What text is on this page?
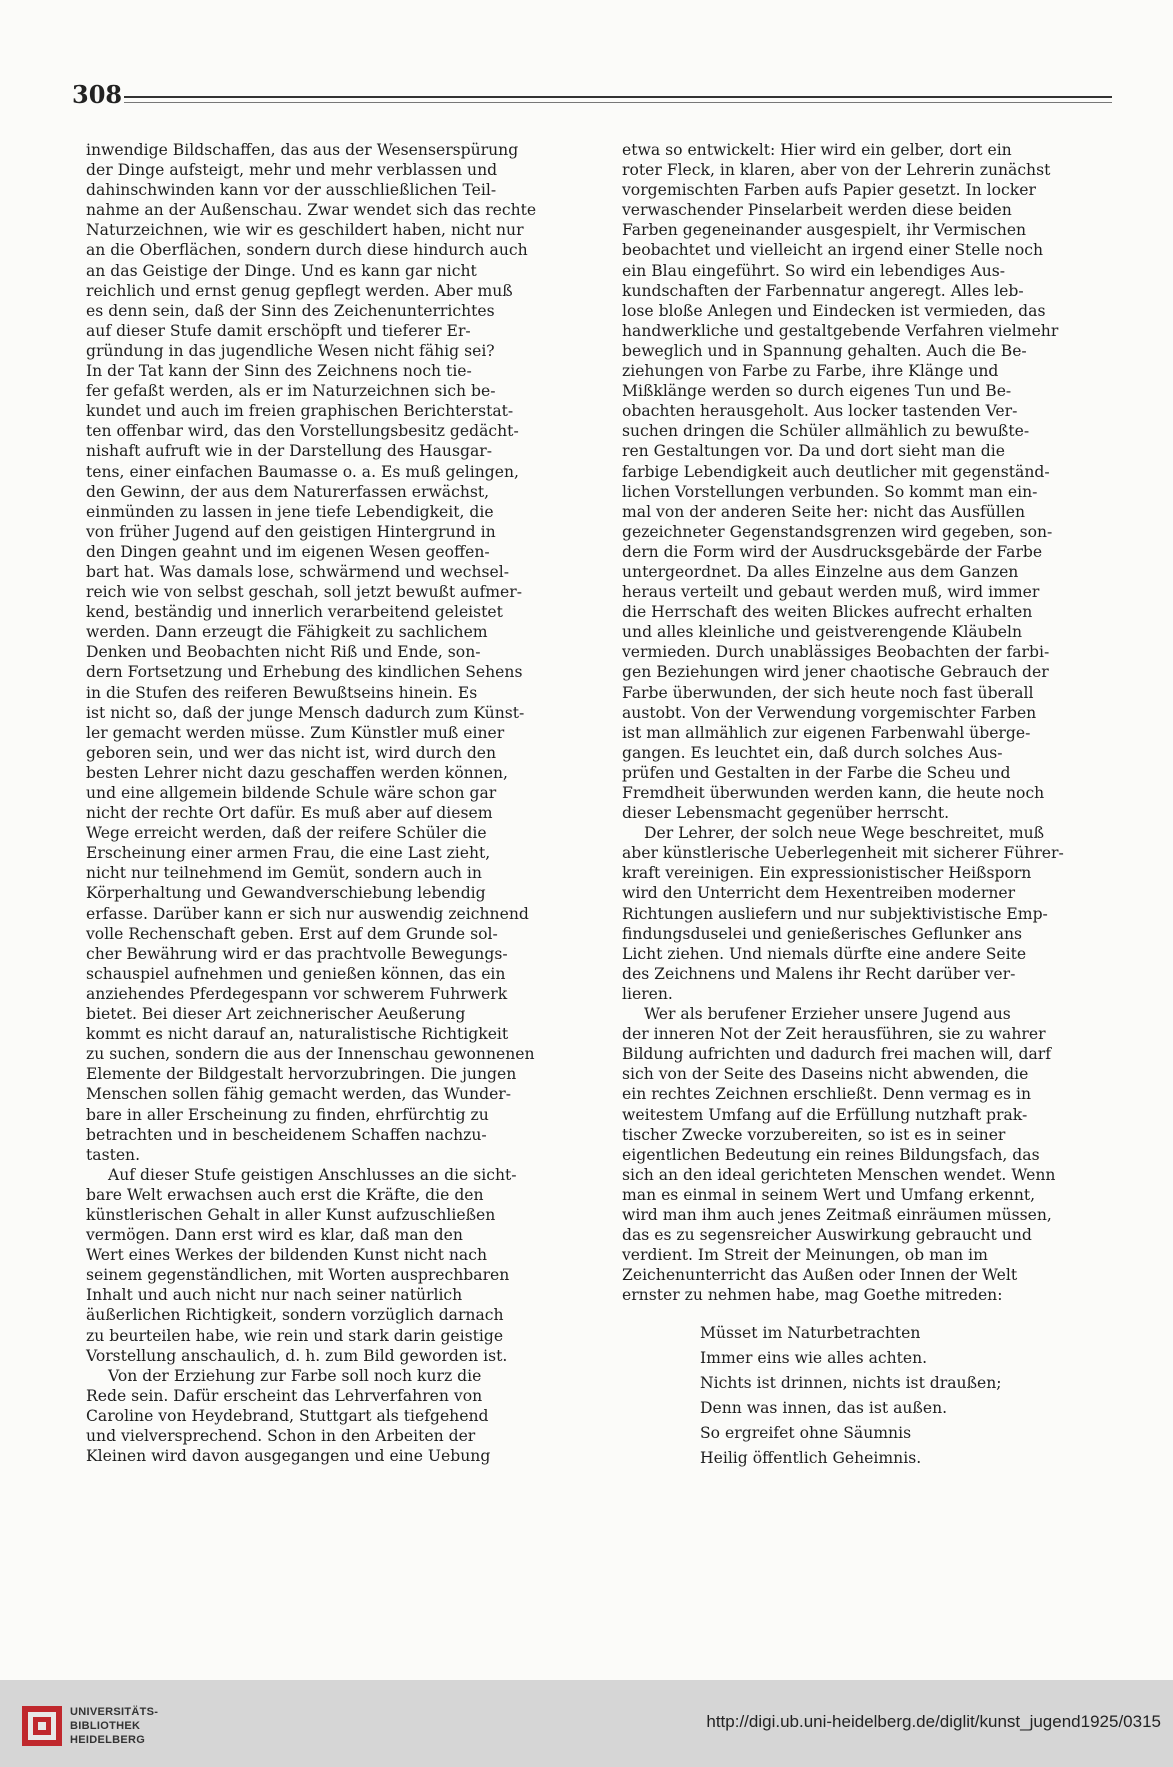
308

inwendige Bildschaffen, das aus der Wesenserspürung
der Dinge aufsteigt, mehr und mehr verblassen und
dahinschwinden kann vor der ausschließlichen Teil-
nahme an der Außenschau. Zwar wendet sich das rechte
Naturzeichnen, wie wir es geschildert haben, nicht nur
an die Oberflächen, sondern durch diese hindurch auch
an das Geistige der Dinge. Und es kann gar nicht
reichlich und ernst genug gepflegt werden. Aber muß
es denn sein, daß der Sinn des Zeichenunterrichtes
auf dieser Stufe damit erschöpft und tieferer Er-
gründung in das jugendliche Wesen nicht fähig sei?
In der Tat kann der Sinn des Zeichnens noch tie-
fer gefaßt werden, als er im Naturzeichnen sich be-
kundet und auch im freien graphischen Berichterstat-
ten offenbar wird, das den Vorstellungsbesitz gedächt-
nishaft aufruft wie in der Darstellung des Hausgar-
tens, einer einfachen Baumasse o. a. Es muß gelingen,
den Gewinn, der aus dem Naturerfassen erwächst,
einmünden zu lassen in jene tiefe Lebendigkeit, die
von früher Jugend auf den geistigen Hintergrund in
den Dingen geahnt und im eigenen Wesen geoffen-
bart hat. Was damals lose, schwärmend und wechsel-
reich wie von selbst geschah, soll jetzt bewußt aufmer-
kend, beständig und innerlich verarbeitend geleistet
werden. Dann erzeugt die Fähigkeit zu sachlichem
Denken und Beobachten nicht Riß und Ende, son-
dern Fortsetzung und Erhebung des kindlichen Sehens
in die Stufen des reiferen Bewußtseins hinein. Es
ist nicht so, daß der junge Mensch dadurch zum Künst-
ler gemacht werden müsse. Zum Künstler muß einer
geboren sein, und wer das nicht ist, wird durch den
besten Lehrer nicht dazu geschaffen werden können,
und eine allgemein bildende Schule wäre schon gar
nicht der rechte Ort dafür. Es muß aber auf diesem
Wege erreicht werden, daß der reifere Schüler die
Erscheinung einer armen Frau, die eine Last zieht,
nicht nur teilnehmend im Gemüt, sondern auch in
Körperhaltung und Gewandverschiebung lebendig
erfasse. Darüber kann er sich nur auswendig zeichnend
volle Rechenschaft geben. Erst auf dem Grunde sol-
cher Bewährung wird er das prachtvolle Bewegungs-
schauspiel aufnehmen und genießen können, das ein
anziehendes Pferdegespann vor schwerem Fuhrwerk
bietet. Bei dieser Art zeichnerischer Aeußerung
kommt es nicht darauf an, naturalistische Richtigkeit
zu suchen, sondern die aus der Innenschau gewonnenen
Elemente der Bildgestalt hervorzubringen. Die jungen
Menschen sollen fähig gemacht werden, das Wunder-
bare in aller Erscheinung zu finden, ehrfürchtig zu
betrachten und in bescheidenem Schaffen nachzu-
tasten.

Auf dieser Stufe geistigen Anschlusses an die sicht-
bare Welt erwachsen auch erst die Kräfte, die den
künstlerischen Gehalt in aller Kunst aufzuschließen
vermögen. Dann erst wird es klar, daß man den
Wert eines Werkes der bildenden Kunst nicht nach
seinem gegenständlichen, mit Worten ausprechbaren
Inhalt und auch nicht nur nach seiner natürlich
äußerlichen Richtigkeit, sondern vorzüglich darnach
zu beurteilen habe, wie rein und stark darin geistige
Vorstellung anschaulich, d. h. zum Bild geworden ist.

Von der Erziehung zur Farbe soll noch kurz die
Rede sein. Dafür erscheint das Lehrverfahren von
Caroline von Heydebrand, Stuttgart als tiefgehend
und vielversprechend. Schon in den Arbeiten der
Kleinen wird davon ausgegangen und eine Uebung

etwa so entwickelt: Hier wird ein gelber, dort ein
roter Fleck, in klaren, aber von der Lehrerin zunächst
vorgemischten Farben aufs Papier gesetzt. In locker
verwaschender Pinselarbeit werden diese beiden
Farben gegeneinander ausgespielt, ihr Vermischen
beobachtet und vielleicht an irgend einer Stelle noch
ein Blau eingeführt. So wird ein lebendiges Aus-
kundschaften der Farbennatur angeregt. Alles leb-
lose bloße Anlegen und Eindecken ist vermieden, das
handwerkliche und gestaltgebende Verfahren vielmehr
beweglich und in Spannung gehalten. Auch die Be-
ziehungen von Farbe zu Farbe, ihre Klänge und
Mißklänge werden so durch eigenes Tun und Be-
obachten herausgeholt. Aus locker tastenden Ver-
suchen dringen die Schüler allmählich zu bewußte-
ren Gestaltungen vor. Da und dort sieht man die
farbige Lebendigkeit auch deutlicher mit gegenständ-
lichen Vorstellungen verbunden. So kommt man ein-
mal von der anderen Seite her: nicht das Ausfüllen
gezeichneter Gegenstandsgrenzen wird gegeben, son-
dern die Form wird der Ausdrucksgebärde der Farbe
untergeordnet. Da alles Einzelne aus dem Ganzen
heraus verteilt und gebaut werden muß, wird immer
die Herrschaft des weiten Blickes aufrecht erhalten
und alles kleinliche und geistverengende Kläubeln
vermieden. Durch unablässiges Beobachten der farbi-
gen Beziehungen wird jener chaotische Gebrauch der
Farbe überwunden, der sich heute noch fast überall
austobt. Von der Verwendung vorgemischter Farben
ist man allmählich zur eigenen Farbenwahl überge-
gangen. Es leuchtet ein, daß durch solches Aus-
prüfen und Gestalten in der Farbe die Scheu und
Fremdheit überwunden werden kann, die heute noch
dieser Lebensmacht gegenüber herrscht.

Der Lehrer, der solch neue Wege beschreitet, muß
aber künstlerische Ueberlegenheit mit sicherer Führer-
kraft vereinigen. Ein expressionistischer Heißsporn
wird den Unterricht dem Hexentreiben moderner
Richtungen ausliefern und nur subjektivistische Emp-
findungsduselei und genießerisches Geflunker ans
Licht ziehen. Und niemals dürfte eine andere Seite
des Zeichnens und Malens ihr Recht darüber ver-
lieren.

Wer als berufener Erzieher unsere Jugend aus
der inneren Not der Zeit herausführen, sie zu wahrer
Bildung aufrichten und dadurch frei machen will, darf
sich von der Seite des Daseins nicht abwenden, die
ein rechtes Zeichnen erschließt. Denn vermag es in
weitestem Umfang auf die Erfüllung nutzhaft prak-
tischer Zwecke vorzubereiten, so ist es in seiner
eigentlichen Bedeutung ein reines Bildungsfach, das
sich an den ideal gerichteten Menschen wendet. Wenn
man es einmal in seinem Wert und Umfang erkennt,
wird man ihm auch jenes Zeitmaß einräumen müssen,
das es zu segensreicher Auswirkung gebraucht und
verdient. Im Streit der Meinungen, ob man im
Zeichenunterricht das Außen oder Innen der Welt
ernster zu nehmen habe, mag Goethe mitreden:

Müsset im Naturbetrachten
Immer eins wie alles achten.
Nichts ist drinnen, nichts ist draußen;
Denn was innen, das ist außen.
So ergreifet ohne Säumnis
Heilig öffentlich Geheimnis.
UNIVERSITÄTS-
BIBLIOTHEK
HEIDELBERG
http://digi.ub.uni-heidelberg.de/diglit/kunst_jugend1925/0315
